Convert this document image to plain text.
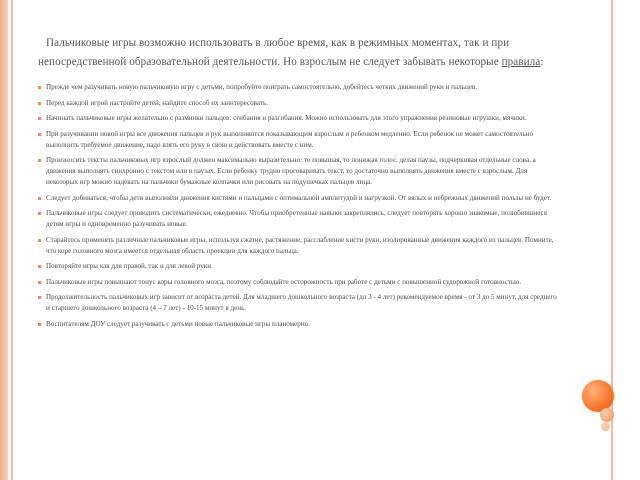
Пальчиковые игры возможно использовать в любое время, как в режимных моментах, так и при непосредственной образовательной деятельности. Но взрослым не следует забывать некоторые правила:

Прежде чем разучивать новую пальчиковую игру с детьми, попробуйте поиграть самостоятельно, добейтесь четких движений руки и пальцев.
Перед каждой игрой настройте детей, найдите способ их заинтересовать.
Начинать пальчиковые игры желательно с разминки пальцев: сгибания и разгибания. Можно использовать для этого упражнения резиновые игрушки, мячики.
При разучивании новой игры все движения пальцев и рук выполняются показывающим взрослым и ребенком медленно. Если ребенок не может самостоятельно выполнить требуемое движение, надо взять его руку в свою и действовать вместе с ним.
Произносить тексты пальчиковых игр взрослый должен максимально выразительно: то повышая, то понижая голос, делая паузы, подчеркивая отдельные слова, а движения выполнять синхронно с текстом или в паузах. Если ребенку трудно проговаривать текст, то достаточно выполнять движения вместе с взрослым. Для некоторых игр можно надевать на пальчики бумажные колпачки или рисовать на подушечках пальцев лица.
Следует добиваться, чтобы дети выполняли движения кистями и пальцами с оптимальной амплитудой и нагрузкой. От вялых и небрежных движений пользы не будет.
Пальчиковые игры следует проводить систематически, ежедневно. Чтобы приобретенные навыки закреплялись, следует повторять хорошо знакомые, полюбившиеся детям игры и одновременно разучивать новые.
Старайтесь применять различные пальчиковые игры, используя сжатие, растяжение, расслабление кисти руки, изолированные движения каждого из пальцев. Помните, что коре головного мозга имеется отдельная область проекции для каждого пальца.
Повторяйте игры как для правой, так и для левой руки.
Пальчиковые игры повышают тонус коры головного мозга, поэтому соблюдайте осторожность при работе с детьми с повышенной судорожной готовностью.
Продолжительность пальчиковых игр зависит от возраста детей. Для младшего дошкольного возраста (до 3 - 4 лет) рекомендуемое время - от 3 до 5 минут, для среднего и старшего дошкольного возраста (4 – 7 лет) - 10-15 минут в день.
Воспитателям ДОУ следует разучивать с детьми новые пальчиковые игры планомерно.
